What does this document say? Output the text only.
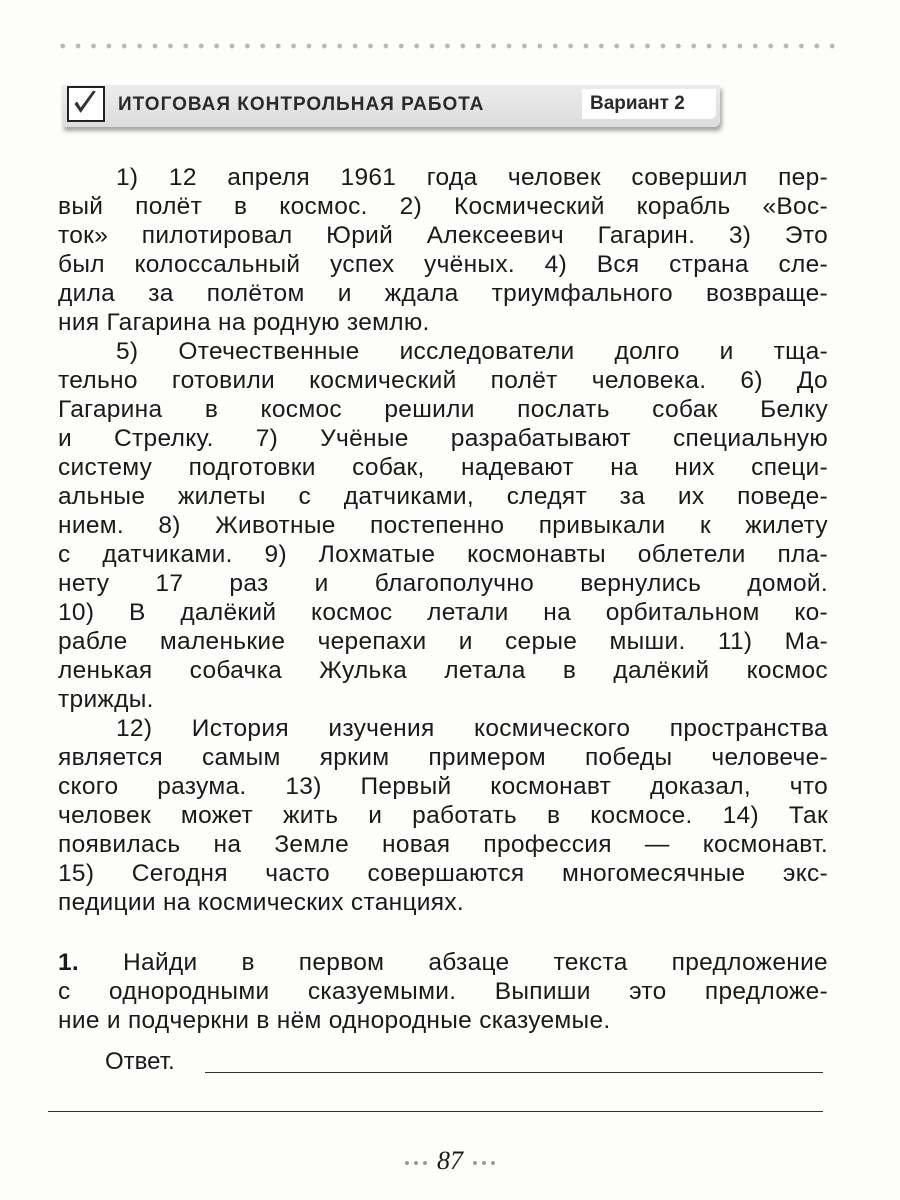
ИТОГОВАЯ КОНТРОЛЬНАЯ РАБОТА	Вариант 2
1) 12 апреля 1961 года человек совершил пер-
вый полёт в космос. 2) Космический корабль «Вос-
ток» пилотировал Юрий Алексеевич Гагарин. 3) Это
был колоссальный успех учёных. 4) Вся страна сле-
дила за полётом и ждала триумфального возвраще-
ния Гагарина на родную землю.
5) Отечественные исследователи долго и тща-
тельно готовили космический полёт человека. 6) До
Гагарина в космос решили послать собак Белку
и Стрелку. 7) Учёные разрабатывают специальную
систему подготовки собак, надевают на них специ-
альные жилеты с датчиками, следят за их поведе-
нием. 8) Животные постепенно привыкали к жилету
с датчиками. 9) Лохматые космонавты облетели пла-
нету 17 раз и благополучно вернулись домой.
10) В далёкий космос летали на орбитальном ко-
рабле маленькие черепахи и серые мыши. 11) Ма-
ленькая собачка Жулька летала в далёкий космос
трижды.
12) История изучения космического пространства
является самым ярким примером победы человече-
ского разума. 13) Первый космонавт доказал, что
человек может жить и работать в космосе. 14) Так
появилась на Земле новая профессия — космонавт.
15) Сегодня часто совершаются многомесячные экс-
педиции на космических станциях.
1. Найди в первом абзаце текста предложение
с однородными сказуемыми. Выпиши это предложе-
ние и подчеркни в нём однородные сказуемые.
Ответ.
87
